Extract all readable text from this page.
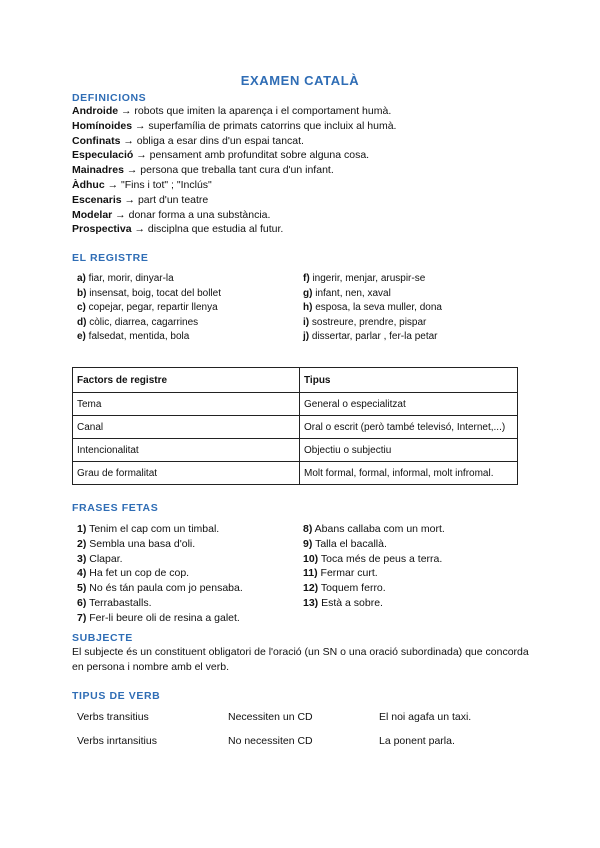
EXAMEN CATALÀ
DEFINICIONS
Androide → robots que imiten la aparença i el comportament humà.
Homínoides → superfamília de primats catorrins que incluix al humà.
Confinats → obliga a esar dins d'un espai tancat.
Especulació → pensament amb profunditat sobre alguna cosa.
Mainadres → persona que treballa tant cura d'un infant.
Àdhuc → "Fins i tot" ; "Inclús"
Escenaris → part d'un teatre
Modelar → donar forma a una substància.
Prospectiva → disciplna que estudia al futur.
EL REGISTRE
a) fiar, morir, dinyar-la
b) insensat, boig, tocat del bollet
c) copejar, pegar, repartir llenya
d) còlic, diarrea, cagarrines
e) falsedat, mentida, bola
f) ingerir, menjar, aruspir-se
g) infant, nen, xaval
h) esposa, la seva muller, dona
i) sostreure, prendre, pispar
j) dissertar, parlar , fer-la petar
Factors de registre	Tipus
Tema	General o especialitzat
Canal	Oral o escrit (però també televisó, Internet,...)
Intencionalitat	Objectiu o subjectiu
Grau de formalitat	Molt formal, formal, informal, molt infromal.
FRASES FETAS
1) Tenim el cap com un timbal.
2) Sembla una basa d'oli.
3) Clapar.
4) Ha fet un cop de cop.
5) No és tán paula com jo pensaba.
6) Terrabastalls.
7) Fer-li beure oli de resina a galet.
8) Abans callaba com un mort.
9) Talla el bacallà.
10) Toca més de peus a terra.
11) Fermar curt.
12) Toquem ferro.
13) Està a sobre.
SUBJECTE
El subjecte és un constituent obligatori de l'oració (un SN o una oració subordinada) que concorda en persona i nombre amb el verb.
TIPUS DE VERB
Verbs transitius	Necessiten un CD	El noi agafa un taxi.
Verbs inrtansitius	No necessiten CD	La ponent parla.
